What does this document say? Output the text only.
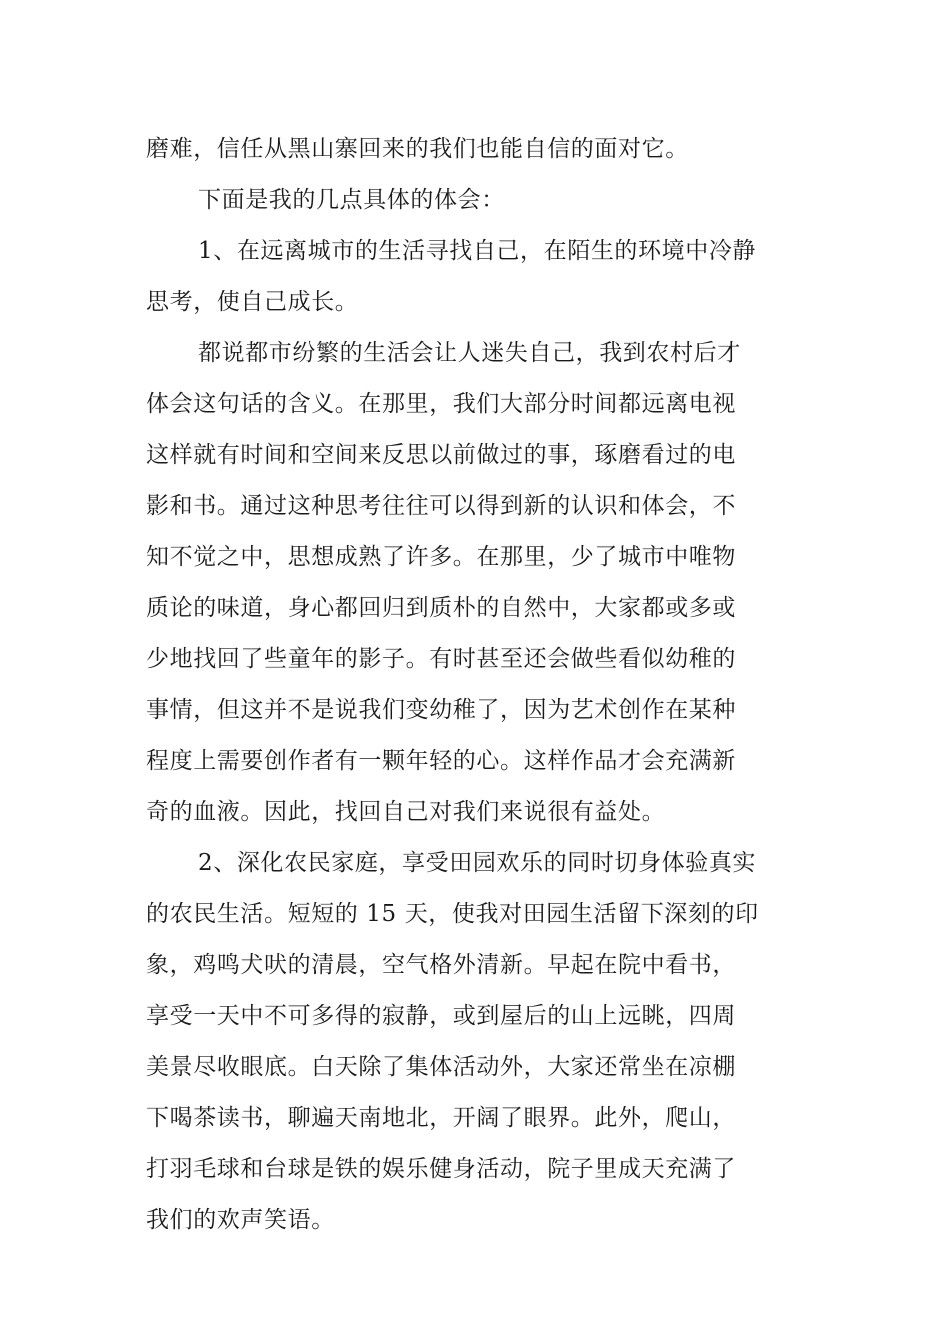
磨难，信任从黑山寨回来的我们也能自信的面对它。
下面是我的几点具体的体会：
1、在远离城市的生活寻找自己，在陌生的环境中冷静
思考，使自己成长。
都说都市纷繁的生活会让人迷失自己，我到农村后才
体会这句话的含义。在那里，我们大部分时间都远离电视
这样就有时间和空间来反思以前做过的事，琢磨看过的电
影和书。通过这种思考往往可以得到新的认识和体会，不
知不觉之中，思想成熟了许多。在那里，少了城市中唯物
质论的味道，身心都回归到质朴的自然中，大家都或多或
少地找回了些童年的影子。有时甚至还会做些看似幼稚的
事情，但这并不是说我们变幼稚了，因为艺术创作在某种
程度上需要创作者有一颗年轻的心。这样作品才会充满新
奇的血液。因此，找回自己对我们来说很有益处。
2、深化农民家庭，享受田园欢乐的同时切身体验真实
的农民生活。短短的 15 天，使我对田园生活留下深刻的印
象，鸡鸣犬吠的清晨，空气格外清新。早起在院中看书，
享受一天中不可多得的寂静，或到屋后的山上远眺，四周
美景尽收眼底。白天除了集体活动外，大家还常坐在凉棚
下喝茶读书，聊遍天南地北，开阔了眼界。此外，爬山，
打羽毛球和台球是铁的娱乐健身活动，院子里成天充满了
我们的欢声笑语。
